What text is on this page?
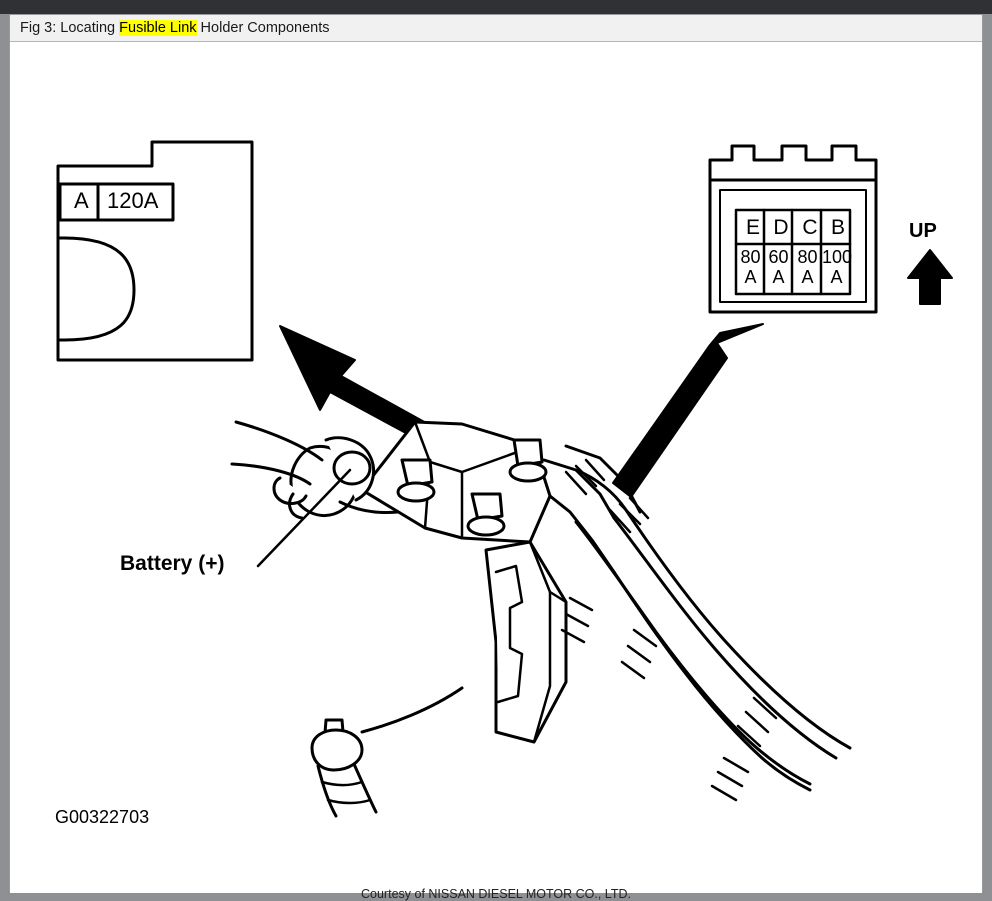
Fig 3: Locating Fusible Link Holder Components
A 120A
E D C B
80 60 80 100
A A A A
UP
Battery (+)
G00322703
Courtesy of NISSAN DIESEL MOTOR CO., LTD.
